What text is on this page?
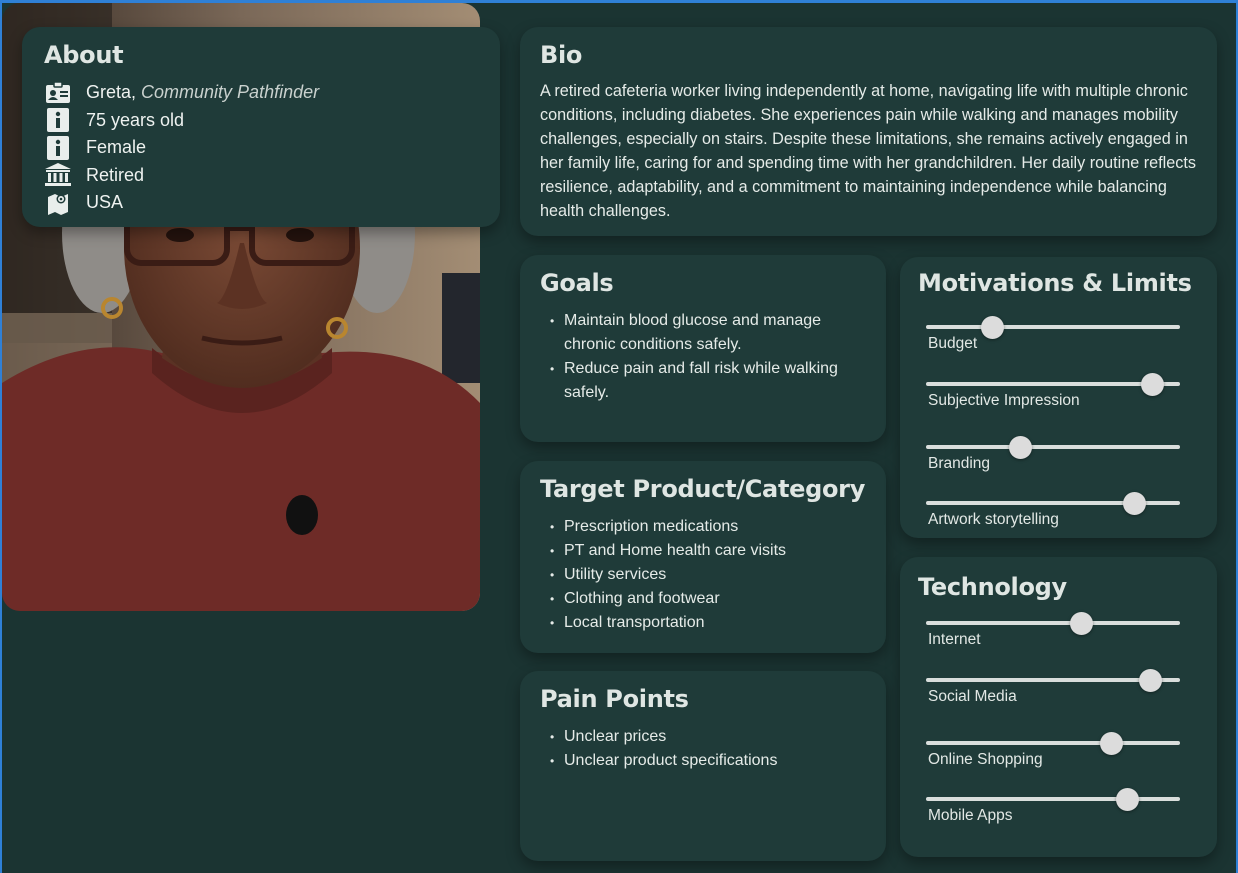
About
Greta, Community Pathfinder
75 years old
Female
Retired
USA
Bio

A retired cafeteria worker living independently at home, navigating life with multiple chronic conditions, including diabetes. She experiences pain while walking and manages mobility challenges, especially on stairs. Despite these limitations, she remains actively engaged in her family life, caring for and spending time with her grandchildren. Her daily routine reflects resilience, adaptability, and a commitment to maintaining independence while balancing health challenges.

Goals
• Maintain blood glucose and manage chronic conditions safely.
• Reduce pain and fall risk while walking safely.
Target Product/Category
• Prescription medications
• PT and Home health care visits
• Utility services
• Clothing and footwear
• Local transportation
Pain Points
• Unclear prices
• Unclear product specifications
Motivations & Limits
Budget
Subjective Impression
Branding
Artwork storytelling
Technology
Internet
Social Media
Online Shopping
Mobile Apps
